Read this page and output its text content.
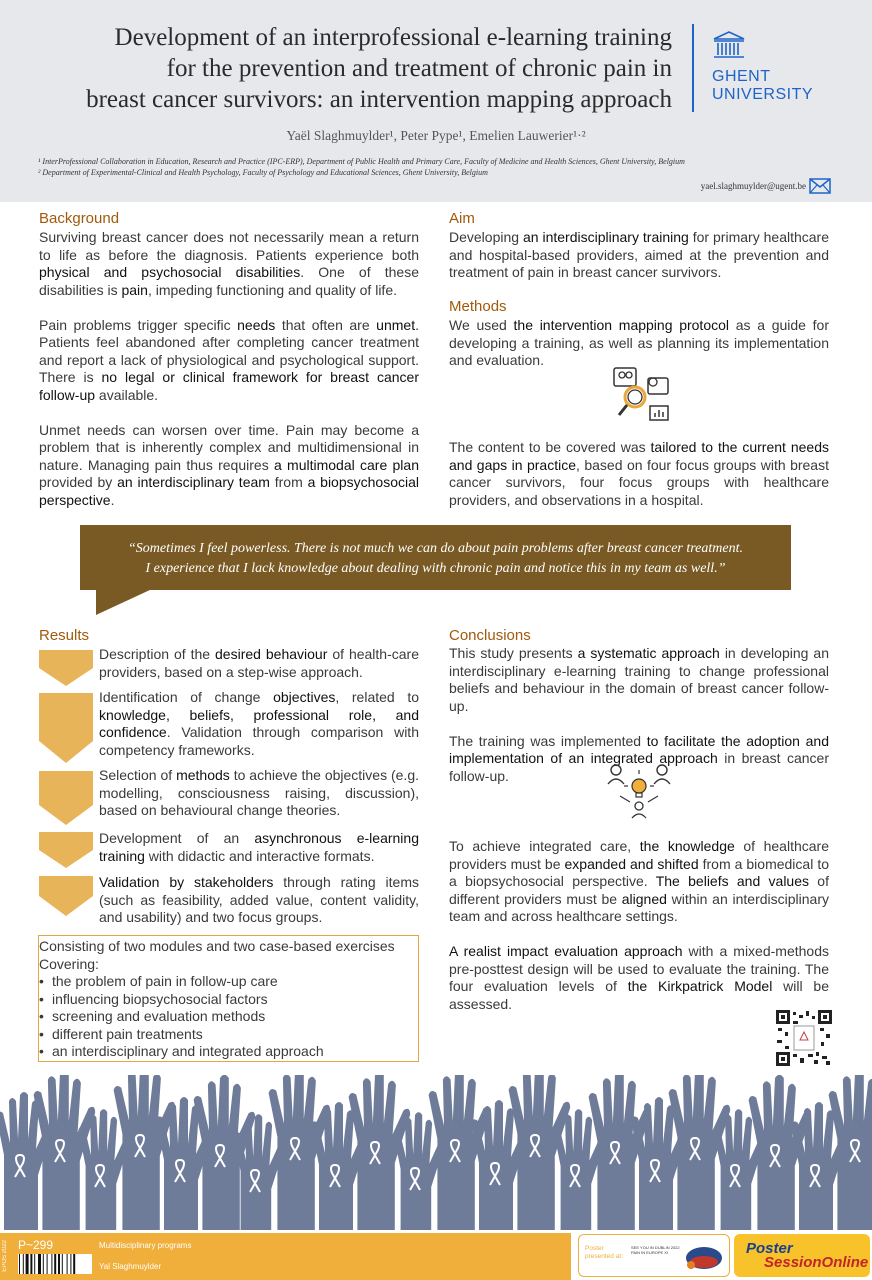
Development of an interprofessional e-learning training
for the prevention and treatment of chronic pain in
breast cancer survivors: an intervention mapping approach
GHENT
UNIVERSITY
Yaël Slaghmuylder¹, Peter Pype¹, Emelien Lauwerier¹·²
¹ InterProfessional Collaboration in Education, Research and Practice (IPC-ERP), Department of Public Health and Primary Care, Faculty of Medicine and Health Sciences, Ghent University, Belgium
² Department of Experimental-Clinical and Health Psychology, Faculty of Psychology and Educational Sciences, Ghent University, Belgium
yael.slaghmuylder@ugent.be
Background

Surviving breast cancer does not necessarily mean a return to life as before the diagnosis. Patients experience both physical and psychosocial disabilities. One of these disabilities is pain, impeding functioning and quality of life.

Pain problems trigger specific needs that often are unmet. Patients feel abandoned after completing cancer treatment and report a lack of physiological and psychological support. There is no legal or clinical framework for breast cancer follow-up available.

Unmet needs can worsen over time. Pain may become a problem that is inherently complex and multidimensional in nature. Managing pain thus requires a multimodal care plan provided by an interdisciplinary team from a biopsychosocial perspective.

Aim

Developing an interdisciplinary training for primary healthcare and hospital-based providers, aimed at the prevention and treatment of pain in breast cancer survivors.

Methods

We used the intervention mapping protocol as a guide for developing a training, as well as planning its implementation and evaluation.

The content to be covered was tailored to the current needs and gaps in practice, based on four focus groups with breast cancer survivors, four focus groups with healthcare providers, and observations in a hospital.

“Sometimes I feel powerless. There is not much we can do about pain problems after breast cancer treatment.
I experience that I lack knowledge about dealing with chronic pain and notice this in my team as well.”
Results
Description of the desired behaviour of health-care providers, based on a step-wise approach.
Identification of change objectives, related to knowledge, beliefs, professional role, and confidence. Validation through comparison with competency frameworks.
Selection of methods to achieve the objectives (e.g. modelling, consciousness raising, discussion), based on behavioural change theories.
Development of an asynchronous e-learning training with didactic and interactive formats.
Validation by stakeholders through rating items (such as feasibility, added value, content validity, and usability) and two focus groups.
Consisting of two modules and two case-based exercises
Covering:
• the problem of pain in follow-up care
• influencing biopsychosocial factors
• screening and evaluation methods
• different pain treatments
• an interdisciplinary and integrated approach
Conclusions

This study presents a systematic approach in developing an interdisciplinary e-learning training to change professional beliefs and behaviour in the domain of breast cancer follow-up.

The training was implemented to facilitate the adoption and implementation of an integrated approach in breast cancer follow-up.

To achieve integrated care, the knowledge of healthcare providers must be expanded and shifted from a biomedical to a biopsychosocial perspective. The beliefs and values of different providers must be aligned within an interdisciplinary team and across healthcare settings.

A realist impact evaluation approach with a mixed-methods pre-posttest design will be used to evaluate the training. The four evaluation levels of the Kirkpatrick Model will be assessed.

EPOS 2022 P~299	Multidisciplinary programs
Yal Slaghmuylder
Poster
presented at:
SEE YOU IN DUBLIN 2022
PAIN IN EUROPE XI	Poster
SessionOnline
